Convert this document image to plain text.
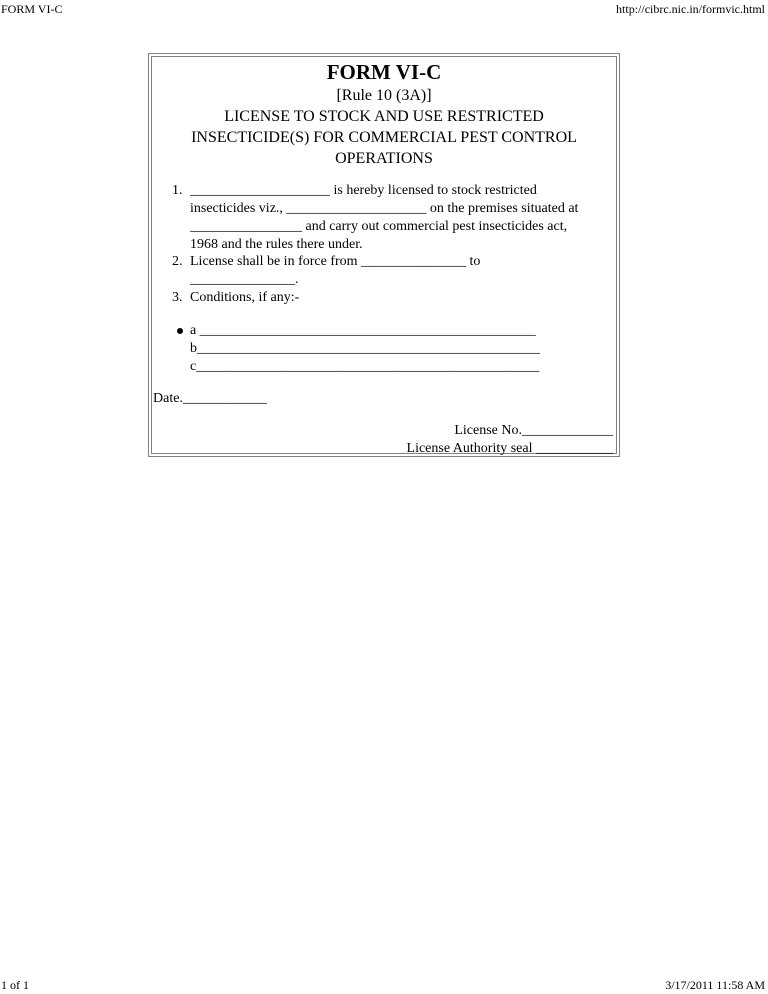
FORM VI-C	http://cibrc.nic.in/formvic.html
FORM VI-C
[Rule 10 (3A)]
LICENSE TO STOCK AND USE RESTRICTED
INSECTICIDE(S) FOR COMMERCIAL PEST CONTROL
OPERATIONS
1. ____________________ is hereby licensed to stock restricted
insecticides viz., ____________________ on the premises situated at
________________ and carry out commercial pest insecticides act,
1968 and the rules there under.
2. License shall be in force from _______________ to
_______________.
3. Conditions, if any:-
a ________________________________________________
b_________________________________________________
c_________________________________________________
Date.____________
License No._____________
License Authority seal ___________
1 of 1	3/17/2011 11:58 AM
